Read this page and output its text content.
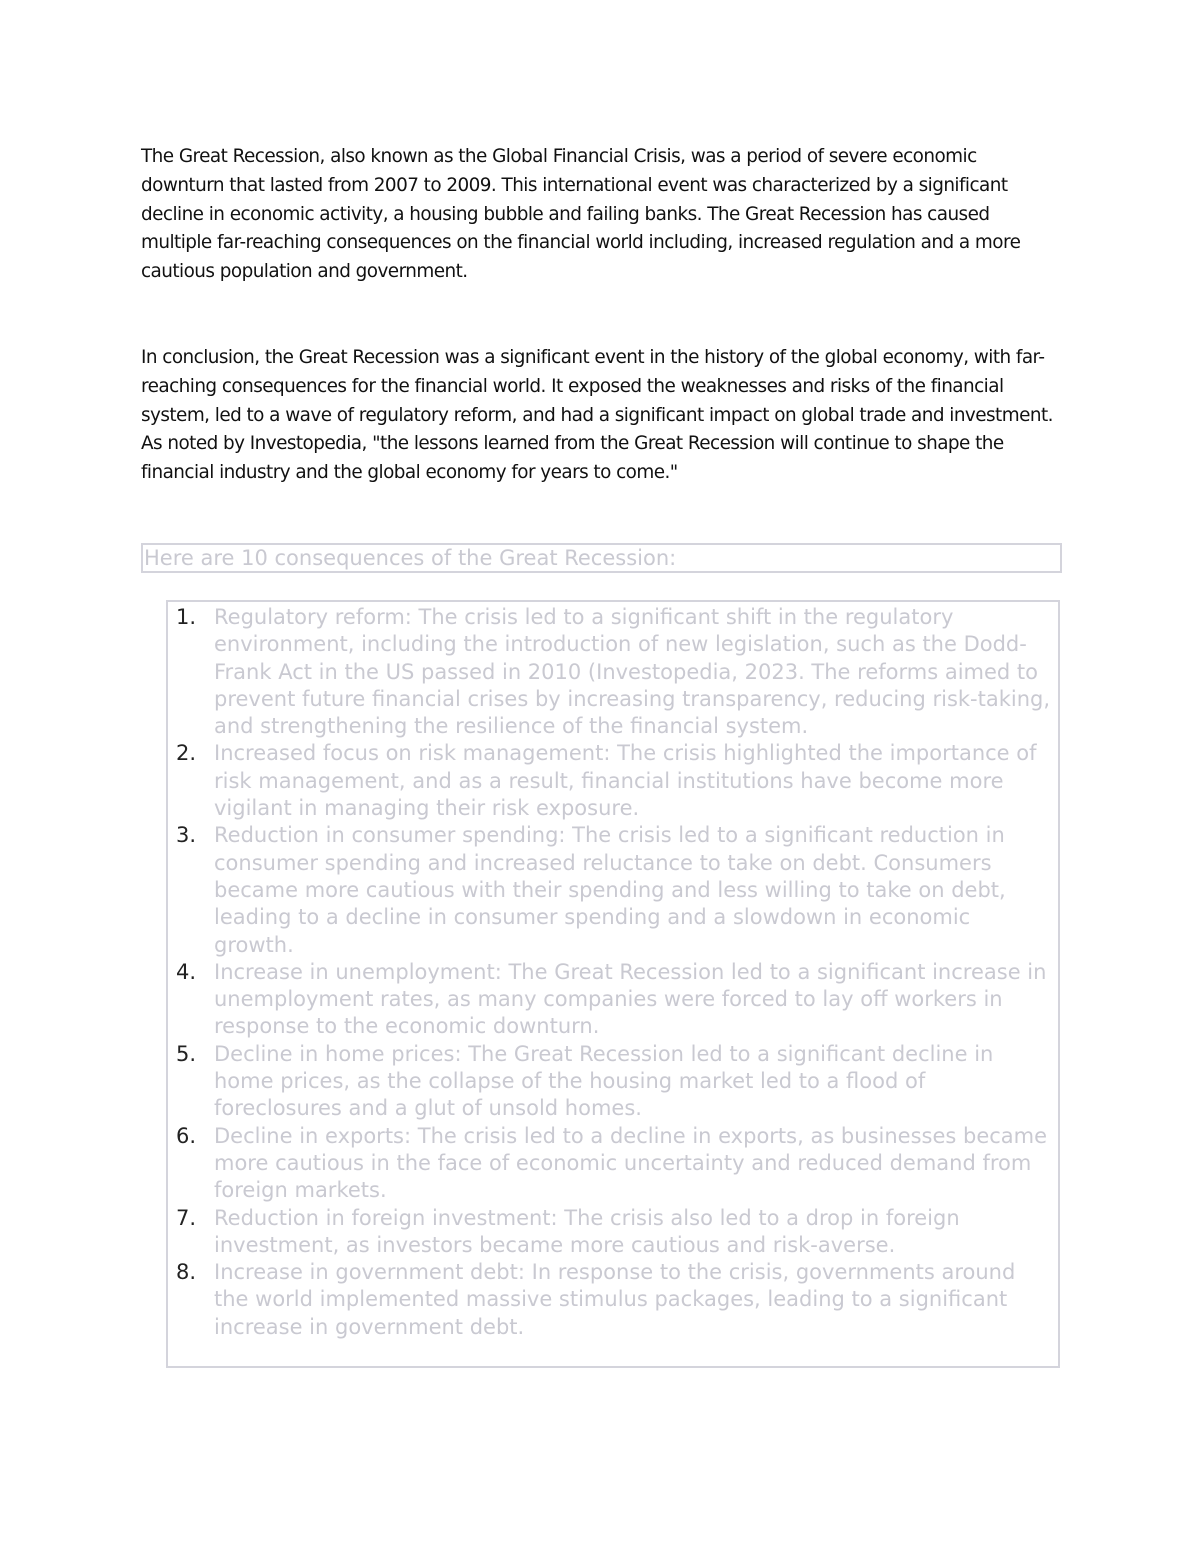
The Great Recession, also known as the Global Financial Crisis, was a period of severe economic downturn that lasted from 2007 to 2009. This international event was characterized by a significant decline in economic activity, a housing bubble and failing banks. The Great Recession has caused multiple far-reaching consequences on the financial world including, increased regulation and a more cautious population and government.

In conclusion, the Great Recession was a significant event in the history of the global economy, with far-reaching consequences for the financial world. It exposed the weaknesses and risks of the financial system, led to a wave of regulatory reform, and had a significant impact on global trade and investment. As noted by Investopedia, "the lessons learned from the Great Recession will continue to shape the financial industry and the global economy for years to come."

Here are 10 consequences of the Great Recession:
1. Regulatory reform: The crisis led to a significant shift in the regulatory environment, including the introduction of new legislation, such as the Dodd-Frank Act in the US passed in 2010 (Investopedia, 2023. The reforms aimed to prevent future financial crises by increasing transparency, reducing risk-taking, and strengthening the resilience of the financial system.
2. Increased focus on risk management: The crisis highlighted the importance of risk management, and as a result, financial institutions have become more vigilant in managing their risk exposure.
3. Reduction in consumer spending: The crisis led to a significant reduction in consumer spending and increased reluctance to take on debt. Consumers became more cautious with their spending and less willing to take on debt, leading to a decline in consumer spending and a slowdown in economic growth.
4. Increase in unemployment: The Great Recession led to a significant increase in unemployment rates, as many companies were forced to lay off workers in response to the economic downturn.
5. Decline in home prices: The Great Recession led to a significant decline in home prices, as the collapse of the housing market led to a flood of foreclosures and a glut of unsold homes.
6. Decline in exports: The crisis led to a decline in exports, as businesses became more cautious in the face of economic uncertainty and reduced demand from foreign markets.
7. Reduction in foreign investment: The crisis also led to a drop in foreign investment, as investors became more cautious and risk-averse.
8. Increase in government debt: In response to the crisis, governments around the world implemented massive stimulus packages, leading to a significant increase in government debt.
